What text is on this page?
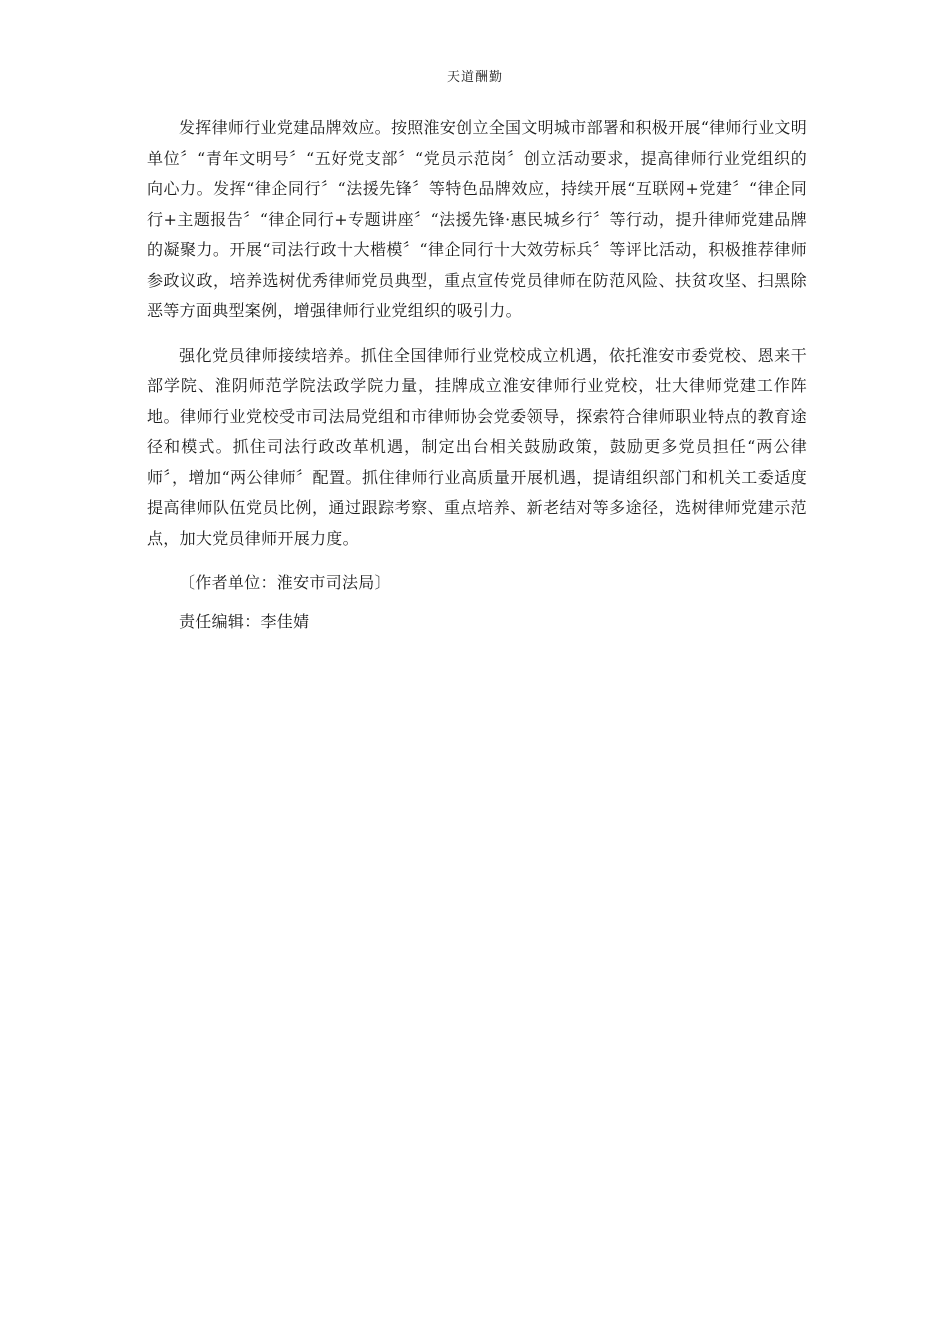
天道酬勤

发挥律师行业党建品牌效应。按照淮安创立全国文明城市部署和积极开展“律师行业文明单位〞“青年文明号〞“五好党支部〞“党员示范岗〞创立活动要求，提高律师行业党组织的向心力。发挥“律企同行〞“法援先锋〞等特色品牌效应，持续开展“互联网+党建〞“律企同行+主题报告〞“律企同行+专题讲座〞“法援先锋·惠民城乡行〞等行动，提升律师党建品牌的凝聚力。开展“司法行政十大楷模〞“律企同行十大效劳标兵〞等评比活动，积极推荐律师参政议政，培养选树优秀律师党员典型，重点宣传党员律师在防范风险、扶贫攻坚、扫黑除恶等方面典型案例，增强律师行业党组织的吸引力。

强化党员律师接续培养。抓住全国律师行业党校成立机遇，依托淮安市委党校、恩来干部学院、淮阴师范学院法政学院力量，挂牌成立淮安律师行业党校，壮大律师党建工作阵地。律师行业党校受市司法局党组和市律师协会党委领导，探索符合律师职业特点的教育途径和模式。抓住司法行政改革机遇，制定出台相关鼓励政策，鼓励更多党员担任“两公律师〞，增加“两公律师〞配置。抓住律师行业高质量开展机遇，提请组织部门和机关工委适度提高律师队伍党员比例，通过跟踪考察、重点培养、新老结对等多途径，选树律师党建示范点，加大党员律师开展力度。

〔作者单位：淮安市司法局〕

责任编辑：李佳婧
